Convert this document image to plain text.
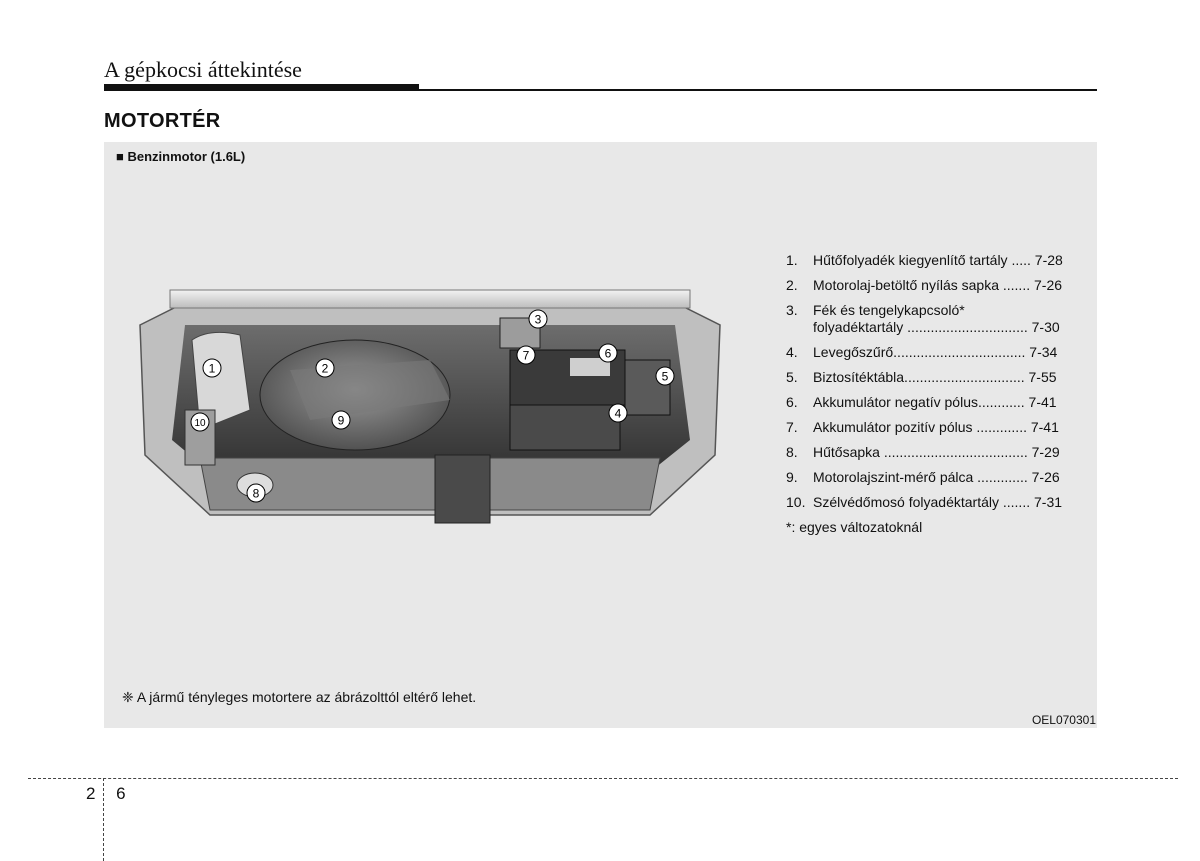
A gépkocsi áttekintése
MOTORTÉR
■ Benzinmotor (1.6L)
1	2
3
4
5
6
7
8
9
10
1.	Hűtőfolyadék kiegyenlítő tartály ..... 7-28
2.	Motorolaj-betöltő nyílás sapka ....... 7-26
3.	Fék és tengelykapcsoló*
folyadéktartály ............................... 7-30
4.	Levegőszűrő.................................. 7-34
5.	Biztosítéktábla............................... 7-55
6.	Akkumulátor negatív pólus............ 7-41
7.	Akkumulátor pozitív pólus ............. 7-41
8.	Hűtősapka ..................................... 7-29
9.	Motorolajszint-mérő pálca ............. 7-26
10. Szélvédőmosó folyadéktartály ....... 7-31
*: egyes változatoknál
❈ A jármű tényleges motortere az ábrázolttól eltérő lehet.
OEL070301
2 6
